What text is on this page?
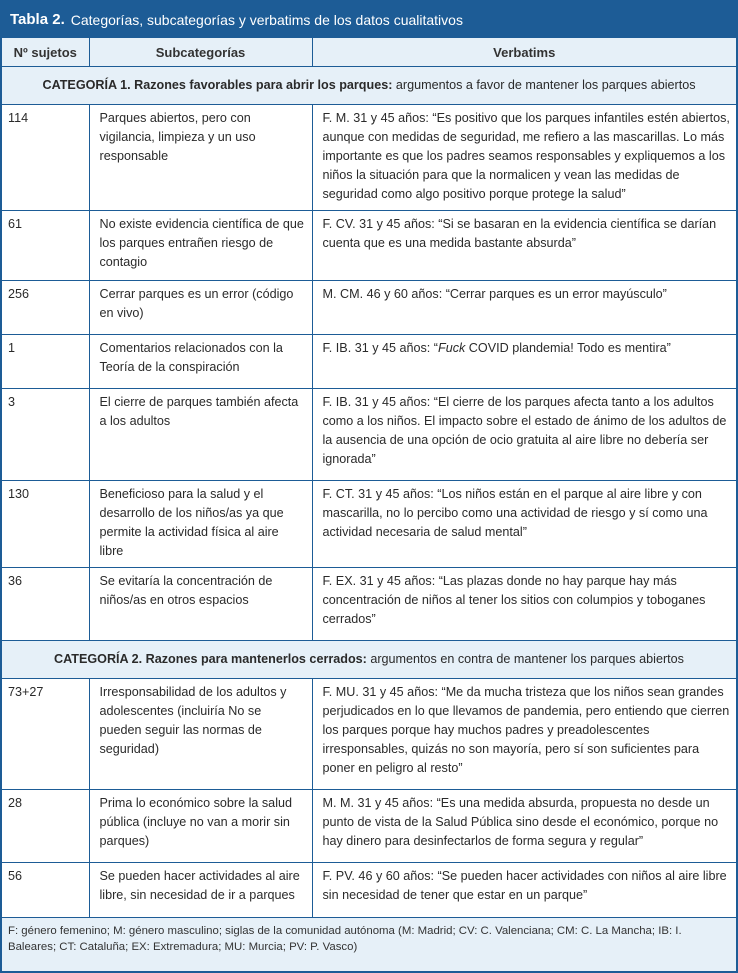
Tabla 2. Categorías, subcategorías y verbatims de los datos cualitativos
Nº sujetos	Subcategorías	Verbatims
CATEGORÍA 1. Razones favorables para abrir los parques: argumentos a favor de mantener los parques abiertos		
114	Parques abiertos, pero con vigilancia, limpieza y un uso responsable	F. M. 31 y 45 años: “Es positivo que los parques infantiles estén abiertos, aunque con medidas de seguridad, me refiero a las mascarillas. Lo más importante es que los padres seamos responsables y expliquemos a los niños la situación para que la normalicen y vean las medidas de seguridad como algo positivo porque protege la salud”
61	No existe evidencia científica de que los parques entrañen riesgo de contagio	F. CV. 31 y 45 años: “Si se basaran en la evidencia científica se darían cuenta que es una medida bastante absurda”
256	Cerrar parques es un error (código en vivo)	M. CM. 46 y 60 años: “Cerrar parques es un error mayúsculo”
1	Comentarios relacionados con la Teoría de la conspiración	F. IB. 31 y 45 años: “Fuck COVID plandemia! Todo es mentira”
3	El cierre de parques también afecta a los adultos	F. IB. 31 y 45 años: “El cierre de los parques afecta tanto a los adultos como a los niños. El impacto sobre el estado de ánimo de los adultos de la ausencia de una opción de ocio gratuita al aire libre no debería ser ignorada”
130	Beneficioso para la salud y el desarrollo de los niños/as ya que permite la actividad física al aire libre	F. CT. 31 y 45 años: “Los niños están en el parque al aire libre y con mascarilla, no lo percibo como una actividad de riesgo y sí como una actividad necesaria de salud mental”
36	Se evitaría la concentración de niños/as en otros espacios	F. EX. 31 y 45 años: “Las plazas donde no hay parque hay más concentración de niños al tener los sitios con columpios y toboganes cerrados”
CATEGORÍA 2. Razones para mantenerlos cerrados: argumentos en contra de mantener los parques abiertos		
73+27	Irresponsabilidad de los adultos y adolescentes (incluiría No se pueden seguir las normas de seguridad)	F. MU. 31 y 45 años: “Me da mucha tristeza que los niños sean grandes perjudicados en lo que llevamos de pandemia, pero entiendo que cierren los parques porque hay muchos padres y preadolescentes irresponsables, quizás no son mayoría, pero sí son suficientes para poner en peligro al resto”
28	Prima lo económico sobre la salud pública (incluye no van a morir sin parques)	M. M. 31 y 45 años: “Es una medida absurda, propuesta no desde un punto de vista de la Salud Pública sino desde el económico, porque no hay dinero para desinfectarlos de forma segura y regular”
56	Se pueden hacer actividades al aire libre, sin necesidad de ir a parques	F. PV. 46 y 60 años: “Se pueden hacer actividades con niños al aire libre sin necesidad de tener que estar en un parque”
F: género femenino; M: género masculino; siglas de la comunidad autónoma (M: Madrid; CV: C. Valenciana; CM: C. La Mancha; IB: I. Baleares; CT: Cataluña; EX: Extremadura; MU: Murcia; PV: P. Vasco)
